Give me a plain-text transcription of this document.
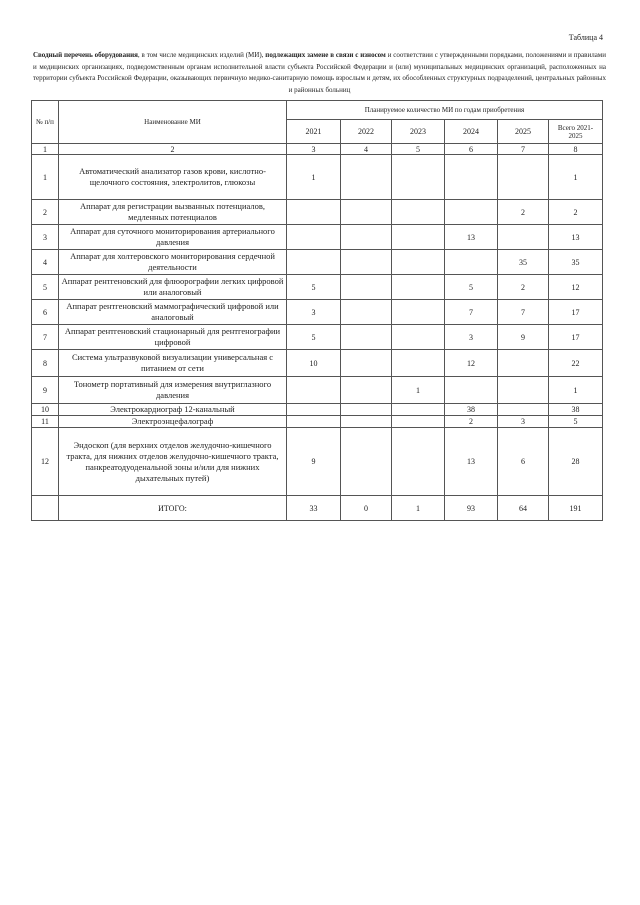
Таблица 4
Сводный перечень оборудования, в том числе медицинских изделий (МИ), подлежащих замене в связи с износом и соответствии с утвержденными порядками, положениями и правилами и медицинских организациях, подведомственным органам исполнительной власти субъекта Российской Федерации и (или) муниципальных медицинских организаций, расположенных на территории субъекта Российской Федерации, оказывающих первичную медико-санитарную помощь взрослым и детям, их обособленных структурных подразделений, центральных районных и районных больниц
№ п/п	Наименование МИ	Планируемое количество МИ по годам приобретения					
		2021	2022	2023	2024	2025	Всего 2021-2025
1	2	3	4	5	6	7	8
1	Автоматический анализатор газов крови, кислотно-щелочного состояния, электролитов, глюкозы	1					1
2	Аппарат для регистрации вызванных потенциалов, медленных потенциалов					2	2
3	Аппарат для суточного мониторирования артериального давления				13		13
4	Аппарат для холтеровского мониторирования сердечной деятельности					35	35
5	Аппарат рентгеновский для флюорографии легких цифровой или аналоговый	5			5	2	12
6	Аппарат рентгеновский маммографический цифровой или аналоговый	3			7	7	17
7	Аппарат рентгеновский стационарный для рентгенографии цифровой	5			3	9	17
8	Система ультразвуковой визуализации универсальная с питанием от сети	10			12		22
9	Тонометр портативный для измерения внутриглазного давления			1			1
10	Электрокардиограф 12-канальный				38		38
11	Электроэнцефалограф				2	3	5
12	Эндоскоп (для верхних отделов желудочно-кишечного тракта, для нижних отделов желудочно-кишечного тракта, панкреатодуоденальной зоны и/или для нижних дыхательных путей)	9			13	6	28
	ИТОГО:	33	0	1	93	64	191
